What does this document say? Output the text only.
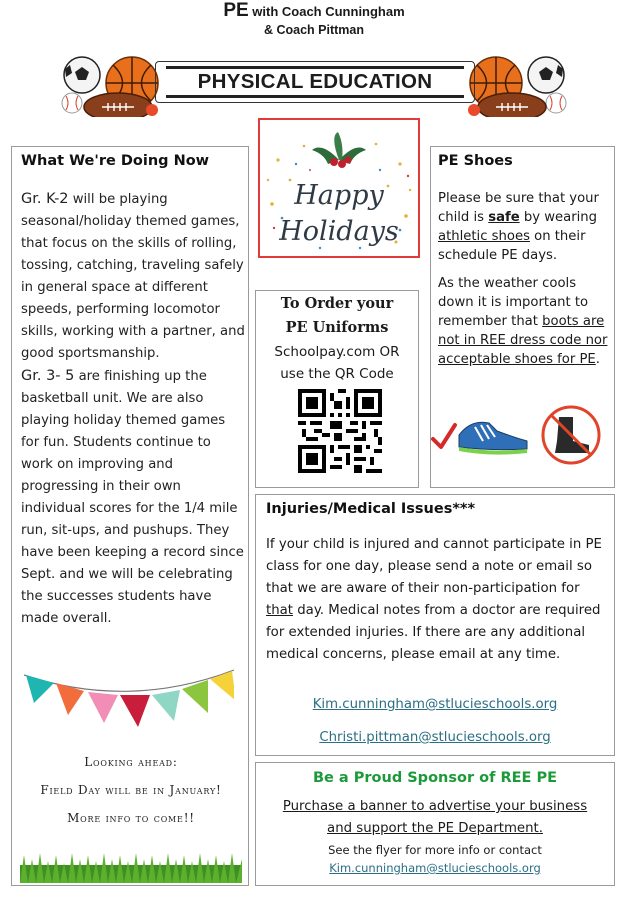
PE with Coach Cunningham
& Coach Pittman
PHYSICAL EDUCATION
What We're Doing Now
Gr. K-2 will be playing seasonal/holiday themed games, that focus on the skills of rolling, tossing, catching, traveling safely in general space at different speeds, performing locomotor skills, working with a partner, and good sportsmanship.
Gr. 3- 5 are finishing up the basketball unit. We are also playing holiday themed games for fun. Students continue to work on improving and progressing in their own individual scores for the 1/4 mile run, sit-ups, and pushups. They have been keeping a record since Sept. and we will be celebrating the successes students have made overall.
Looking ahead:
Field Day will be in January!
More info to come!!
Happy
Holidays
To Order your
PE Uniforms

Schoolpay.com OR

use the QR Code

PE Shoes
Please be sure that your child is safe by wearing athletic shoes on their schedule PE days.
As the weather cools down it is important to remember that boots are not in REE dress code nor acceptable shoes for PE.
Injuries/Medical Issues***
If your child is injured and cannot participate in PE class for one day, please send a note or email so that we are aware of their non-participation for that day. Medical notes from a doctor are required for extended injuries. If there are any additional medical concerns, please email at any time.
Kim.cunningham@stlucieschools.org
Christi.pittman@stlucieschools.org
Be a Proud Sponsor of REE PE
Purchase a banner to advertise your business
and support the PE Department.
See the flyer for more info or contact
Kim.cunningham@stlucieschools.org
